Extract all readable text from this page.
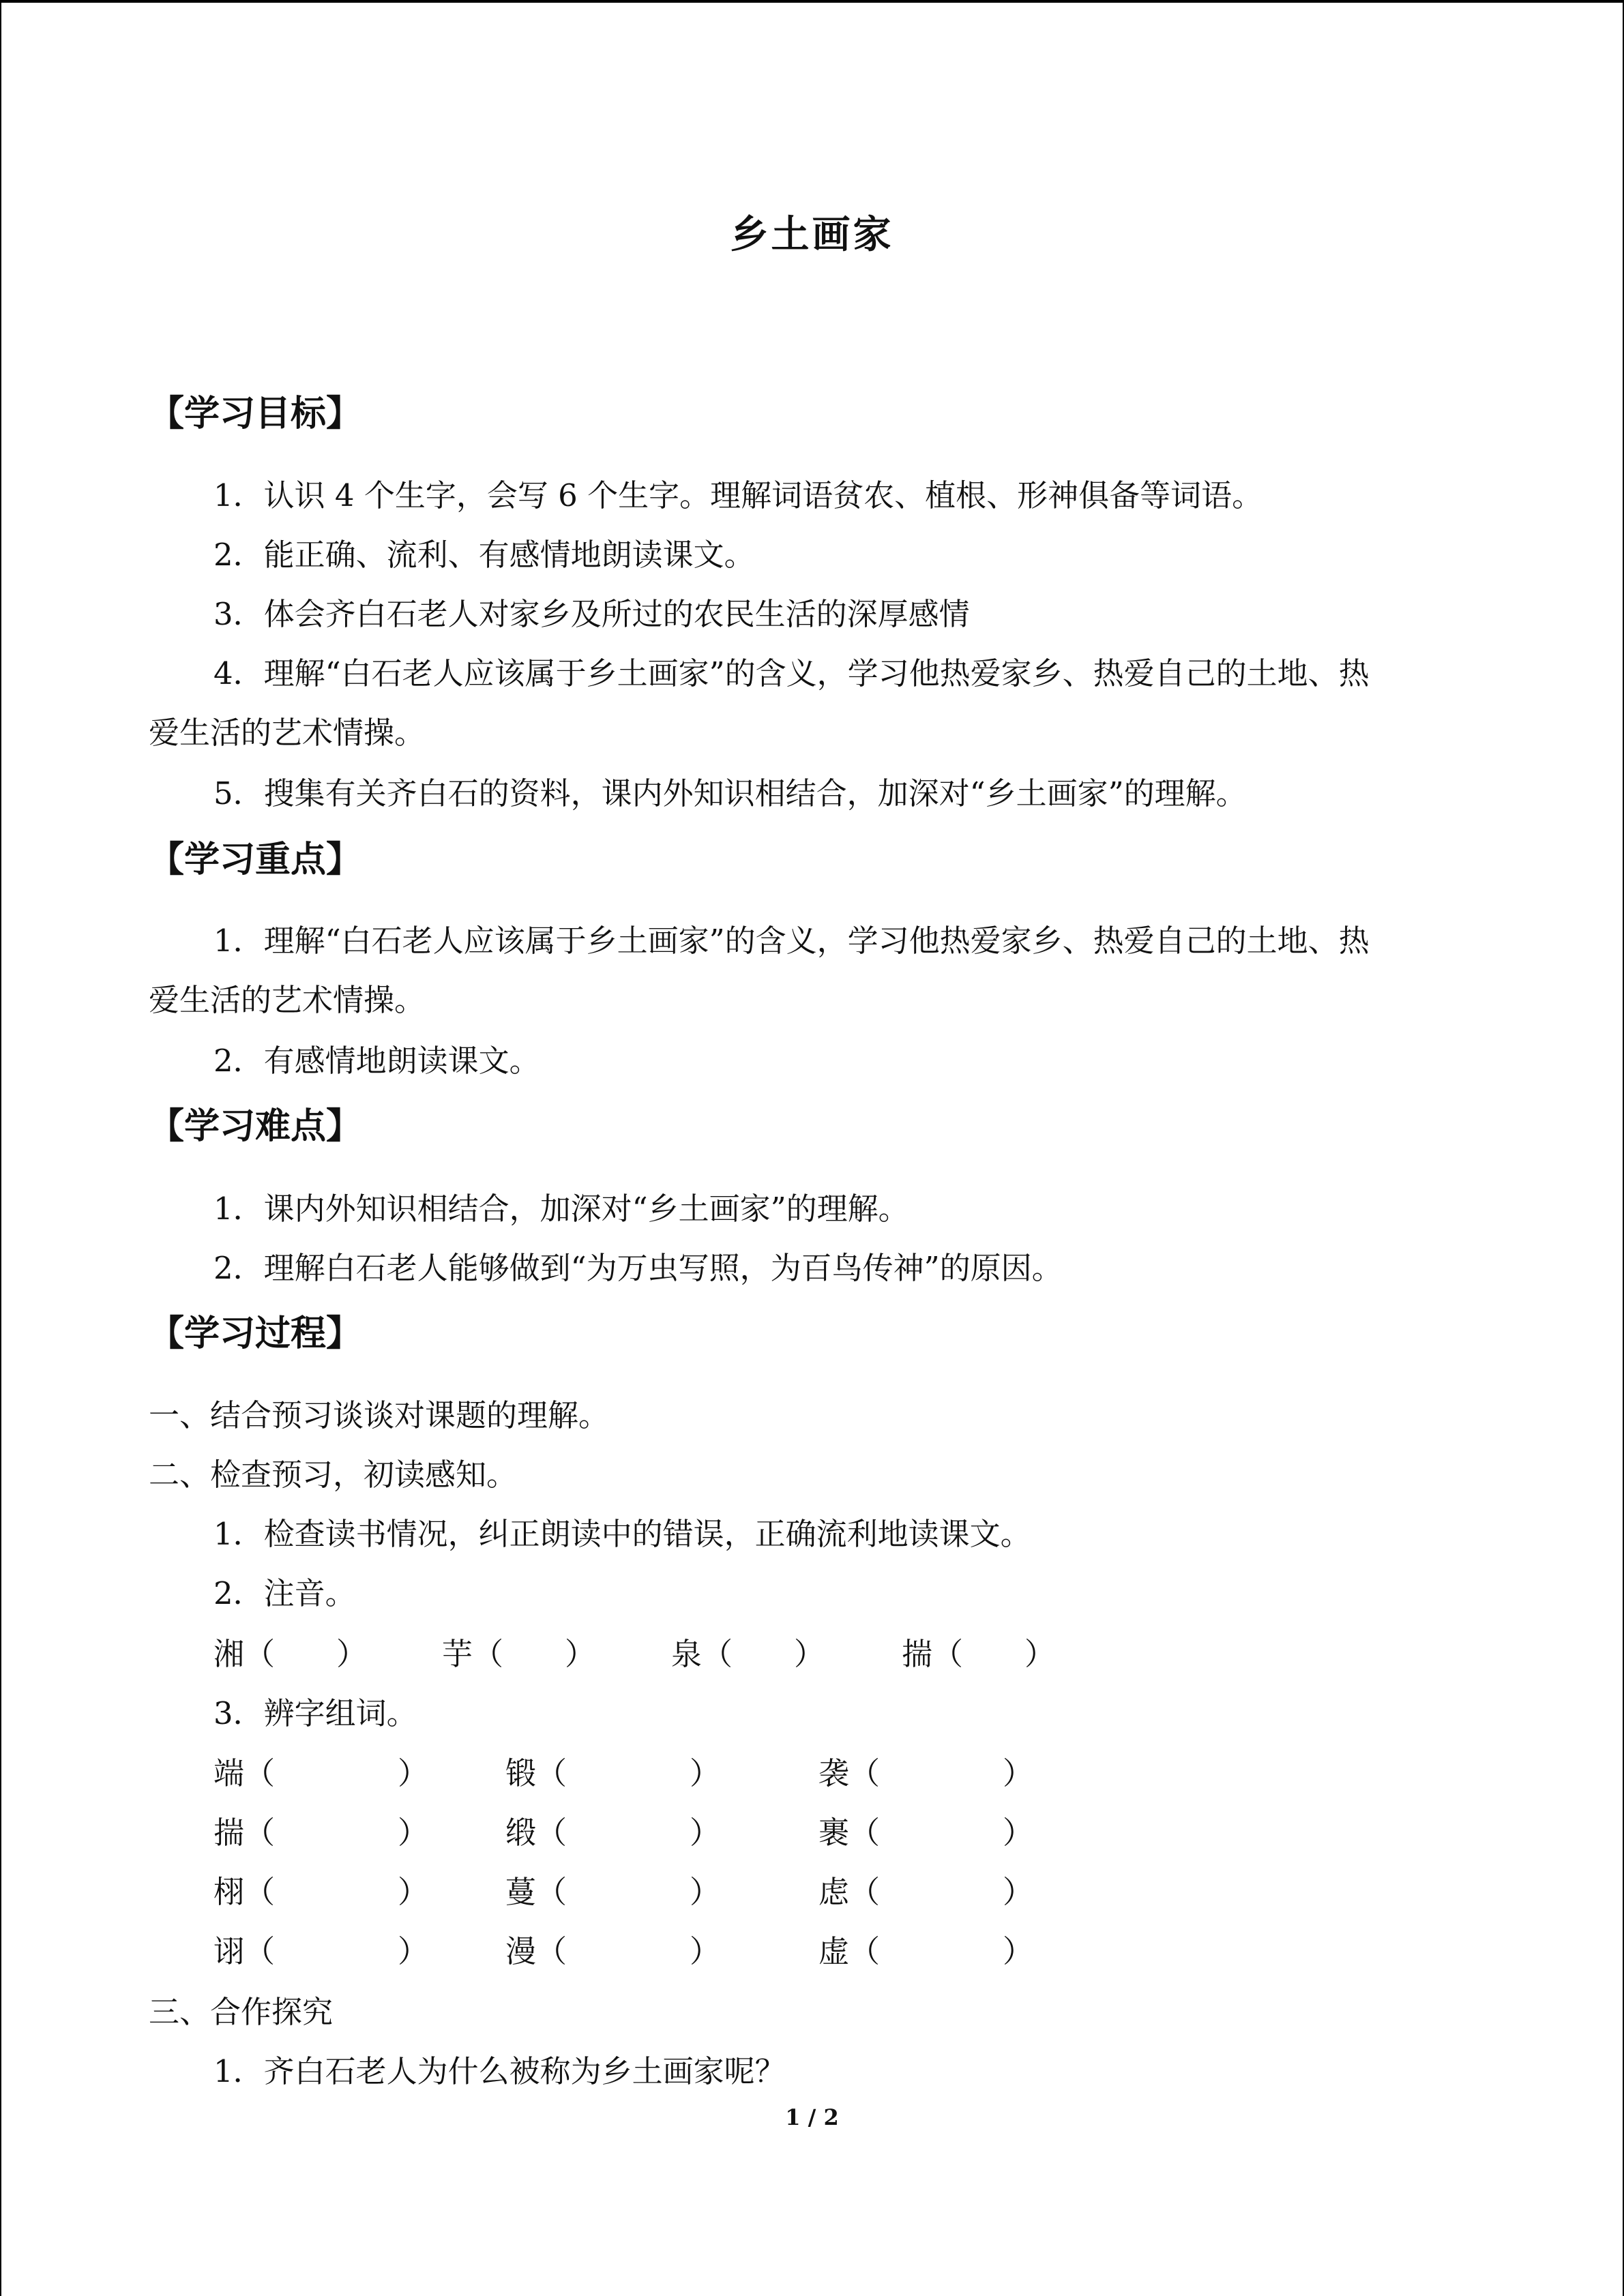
乡土画家
【学习目标】
1．认识 4 个生字，会写 6 个生字。理解词语贫农、植根、形神俱备等词语。
2．能正确、流利、有感情地朗读课文。
3．体会齐白石老人对家乡及所过的农民生活的深厚感情
4．理解“白石老人应该属于乡土画家”的含义，学习他热爱家乡、热爱自己的土地、热
爱生活的艺术情操。
5．搜集有关齐白石的资料，课内外知识相结合，加深对“乡土画家”的理解。
【学习重点】
1．理解“白石老人应该属于乡土画家”的含义，学习他热爱家乡、热爱自己的土地、热
爱生活的艺术情操。
2．有感情地朗读课文。
【学习难点】
1．课内外知识相结合，加深对“乡土画家”的理解。
2．理解白石老人能够做到“为万虫写照，为百鸟传神”的原因。
【学习过程】
一、结合预习谈谈对课题的理解。
二、检查预习，初读感知。
1．检查读书情况，纠正朗读中的错误，正确流利地读课文。
2．注音。
湘（　　） 芋（　　） 泉（　　）	揣（　　）
3．辨字组词。
端（　　　　）	锻（　　　　）	袭（　　　　）
揣（　　　　）	缎（　　　　）	裹（　　　　）
栩（　　　　）	蔓（　　　　）	虑（　　　　）
诩（　　　　）	漫（　　　　）	虚（　　　　）
三、合作探究
1．齐白石老人为什么被称为乡土画家呢？
1 / 2
